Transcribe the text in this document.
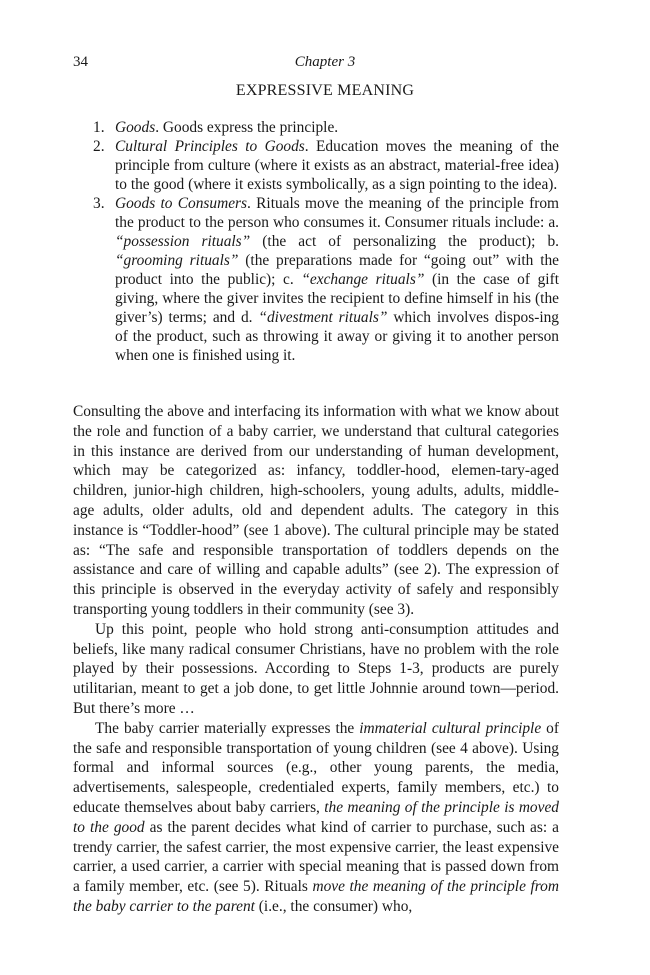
34	Chapter 3
EXPRESSIVE MEANING
1. Goods. Goods express the principle.
2. Cultural Principles to Goods. Education moves the meaning of the principle from culture (where it exists as an abstract, material-free idea) to the good (where it exists symbolically, as a sign pointing to the idea).
3. Goods to Consumers. Rituals move the meaning of the principle from the product to the person who consumes it. Consumer rituals include: a. “possession rituals” (the act of personalizing the product); b. “grooming rituals” (the preparations made for “going out” with the product into the public); c. “exchange rituals” (in the case of gift giving, where the giver invites the recipient to define himself in his (the giver’s) terms; and d. “divestment rituals” which involves dispos-ing of the product, such as throwing it away or giving it to another person when one is finished using it.

Consulting the above and interfacing its information with what we know about the role and function of a baby carrier, we understand that cultural categories in this instance are derived from our understanding of human development, which may be categorized as: infancy, toddler-hood, elemen-tary-aged children, junior-high children, high-schoolers, young adults, adults, middle-age adults, older adults, old and dependent adults. The category in this instance is “Toddler-hood” (see 1 above). The cultural principle may be stated as: “The safe and responsible transportation of toddlers depends on the assistance and care of willing and capable adults” (see 2). The expression of this principle is observed in the everyday activity of safely and responsibly transporting young toddlers in their community (see 3).

Up this point, people who hold strong anti-consumption attitudes and beliefs, like many radical consumer Christians, have no problem with the role played by their possessions. According to Steps 1-3, products are purely utilitarian, meant to get a job done, to get little Johnnie around town—period. But there’s more …

The baby carrier materially expresses the immaterial cultural principle of the safe and responsible transportation of young children (see 4 above). Using formal and informal sources (e.g., other young parents, the media, advertisements, salespeople, credentialed experts, family members, etc.) to educate themselves about baby carriers, the meaning of the principle is moved to the good as the parent decides what kind of carrier to purchase, such as: a trendy carrier, the safest carrier, the most expensive carrier, the least expensive carrier, a used carrier, a carrier with special meaning that is passed down from a family member, etc. (see 5). Rituals move the meaning of the principle from the baby carrier to the parent (i.e., the consumer) who,
